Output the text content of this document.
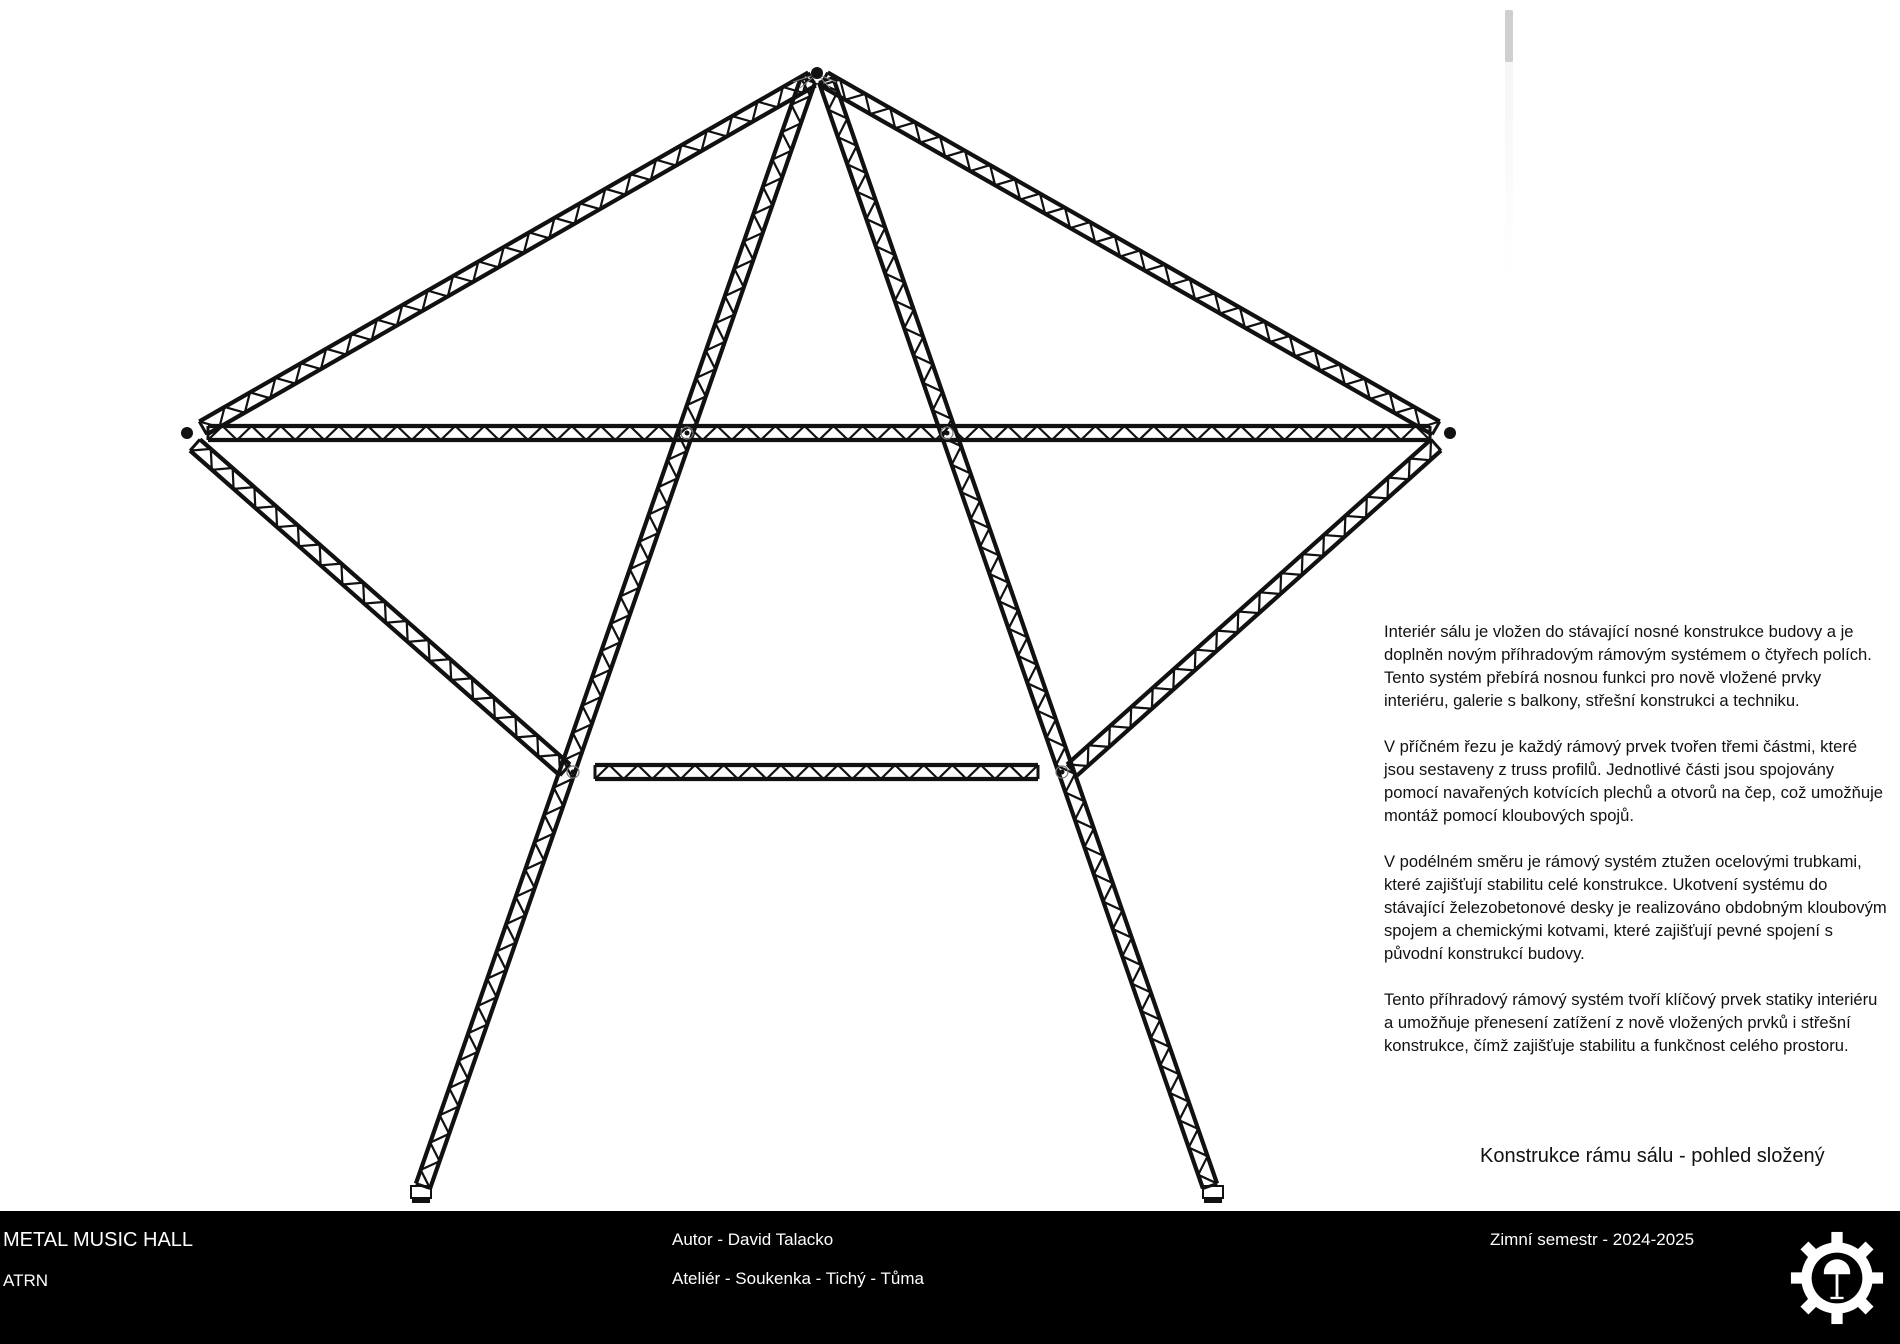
Interiér sálu je vložen do stávající nosné konstrukce budovy a je doplněn novým příhradovým rámovým systémem o čtyřech polích. Tento systém přebírá nosnou funkci pro nově vložené prvky interiéru, galerie s balkony, střešní konstrukci a techniku.

V příčném řezu je každý rámový prvek tvořen třemi částmi, které jsou sestaveny z truss profilů. Jednotlivé části jsou spojovány pomocí navařených kotvících plechů a otvorů na čep, což umožňuje montáž pomocí kloubových spojů.

V podélném směru je rámový systém ztužen ocelovými trubkami, které zajišťují stabilitu celé konstrukce. Ukotvení systému do stávající železobetonové desky je realizováno obdobným kloubovým spojem a chemickými kotvami, které zajišťují pevné spojení s původní konstrukcí budovy.

Tento příhradový rámový systém tvoří klíčový prvek statiky interiéru a umožňuje přenesení zatížení z nově vložených prvků i střešní konstrukce, čímž zajišťuje stabilitu a funkčnost celého prostoru.

Konstrukce rámu sálu - pohled složený
METAL MUSIC HALL
ATRN
Autor - David Talacko
Ateliér - Soukenka - Tichý - Tůma
Zimní semestr - 2024-2025
